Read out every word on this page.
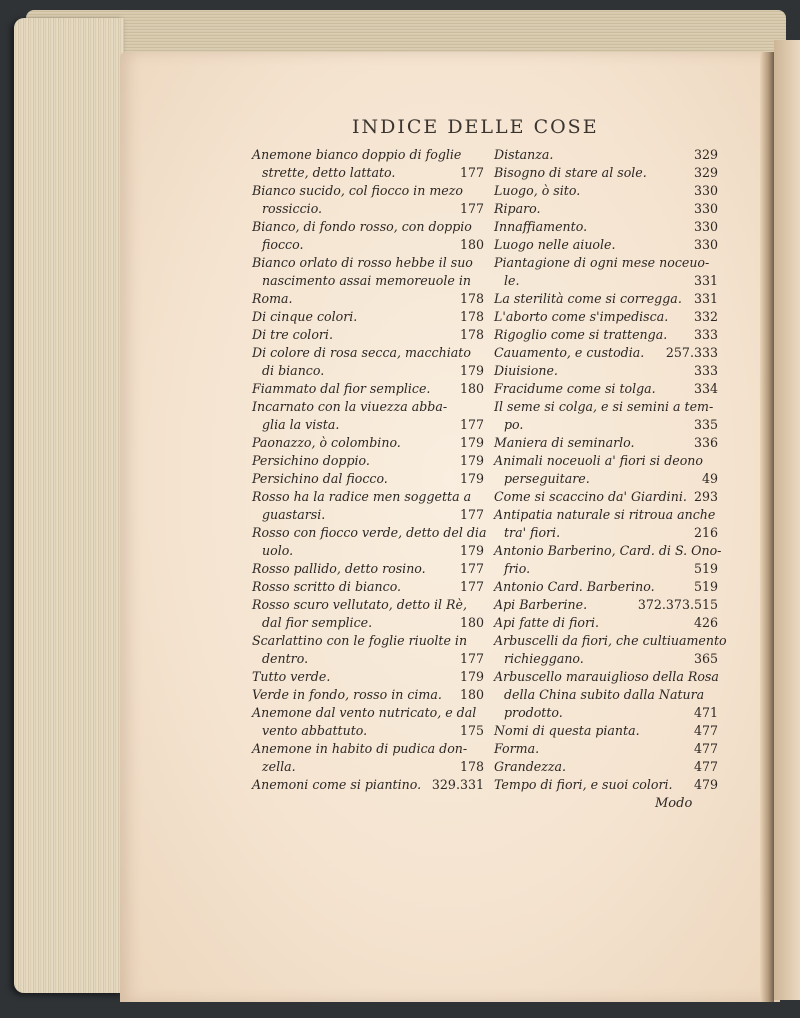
INDICE DELLE COSE
Anemone bianco doppio di foglie
strette, detto lattato.	177
Bianco sucido, col fiocco in mezo
rossiccio.	177
Bianco, di fondo rosso, con doppio
fiocco.	180
Bianco orlato di rosso hebbe il suo
nascimento assai memoreuole in
Roma.	178
Di cinque colori.	178
Di tre colori.	178
Di colore di rosa secca, macchiato
di bianco.	179
Fiammato dal fior semplice.	180
Incarnato con la viuezza abba-
glia la vista.	177
Paonazzo, ò colombino.	179
Persichino doppio.	179
Persichino dal fiocco.	179
Rosso ha la radice men soggetta a
guastarsi.	177
Rosso con fiocco verde, detto del dia
uolo.	179
Rosso pallido, detto rosino.	177
Rosso scritto di bianco.	177
Rosso scuro vellutato, detto il Rè,
dal fior semplice.	180
Scarlattino con le foglie riuolte in
dentro.	177
Tutto verde.	179
Verde in fondo, rosso in cima.	180
Anemone dal vento nutricato, e dal
vento abbattuto.	175
Anemone in habito di pudica don-
zella.	178
Anemoni come si piantino. 329.331
Distanza.	329
Bisogno di stare al sole.	329
Luogo, ò sito.	330
Riparo.	330
Innaffiamento.	330
Luogo nelle aiuole.	330
Piantagione di ogni mese noceuo-
le.	331
La sterilità come si corregga. 331
L'aborto come s'impedisca.	332
Rigoglio come si trattenga.	333
Cauamento, e custodia.	257.333
Diuisione.	333
Fracidume come si tolga.	334
Il seme si colga, e si semini a tem-
po.	335
Maniera di seminarlo.	336
Animali noceuoli a' fiori si deono
perseguitare.	49
Come si scaccino da' Giardini. 293
Antipatia naturale si ritroua anche
tra' fiori.	216
Antonio Barberino, Card. di S. Ono-
frio.	519
Antonio Card. Barberino.	519
Api Barberine.	372.373.515
Api fatte di fiori.	426
Arbuscelli da fiori, che cultiuamento
richieggano.	365
Arbuscello marauiglioso della Rosa
della China subito dalla Natura
prodotto.	471
Nomi di questa pianta.	477
Forma.	477
Grandezza.	477
Tempo di fiori, e suoi colori.	479
Modo
